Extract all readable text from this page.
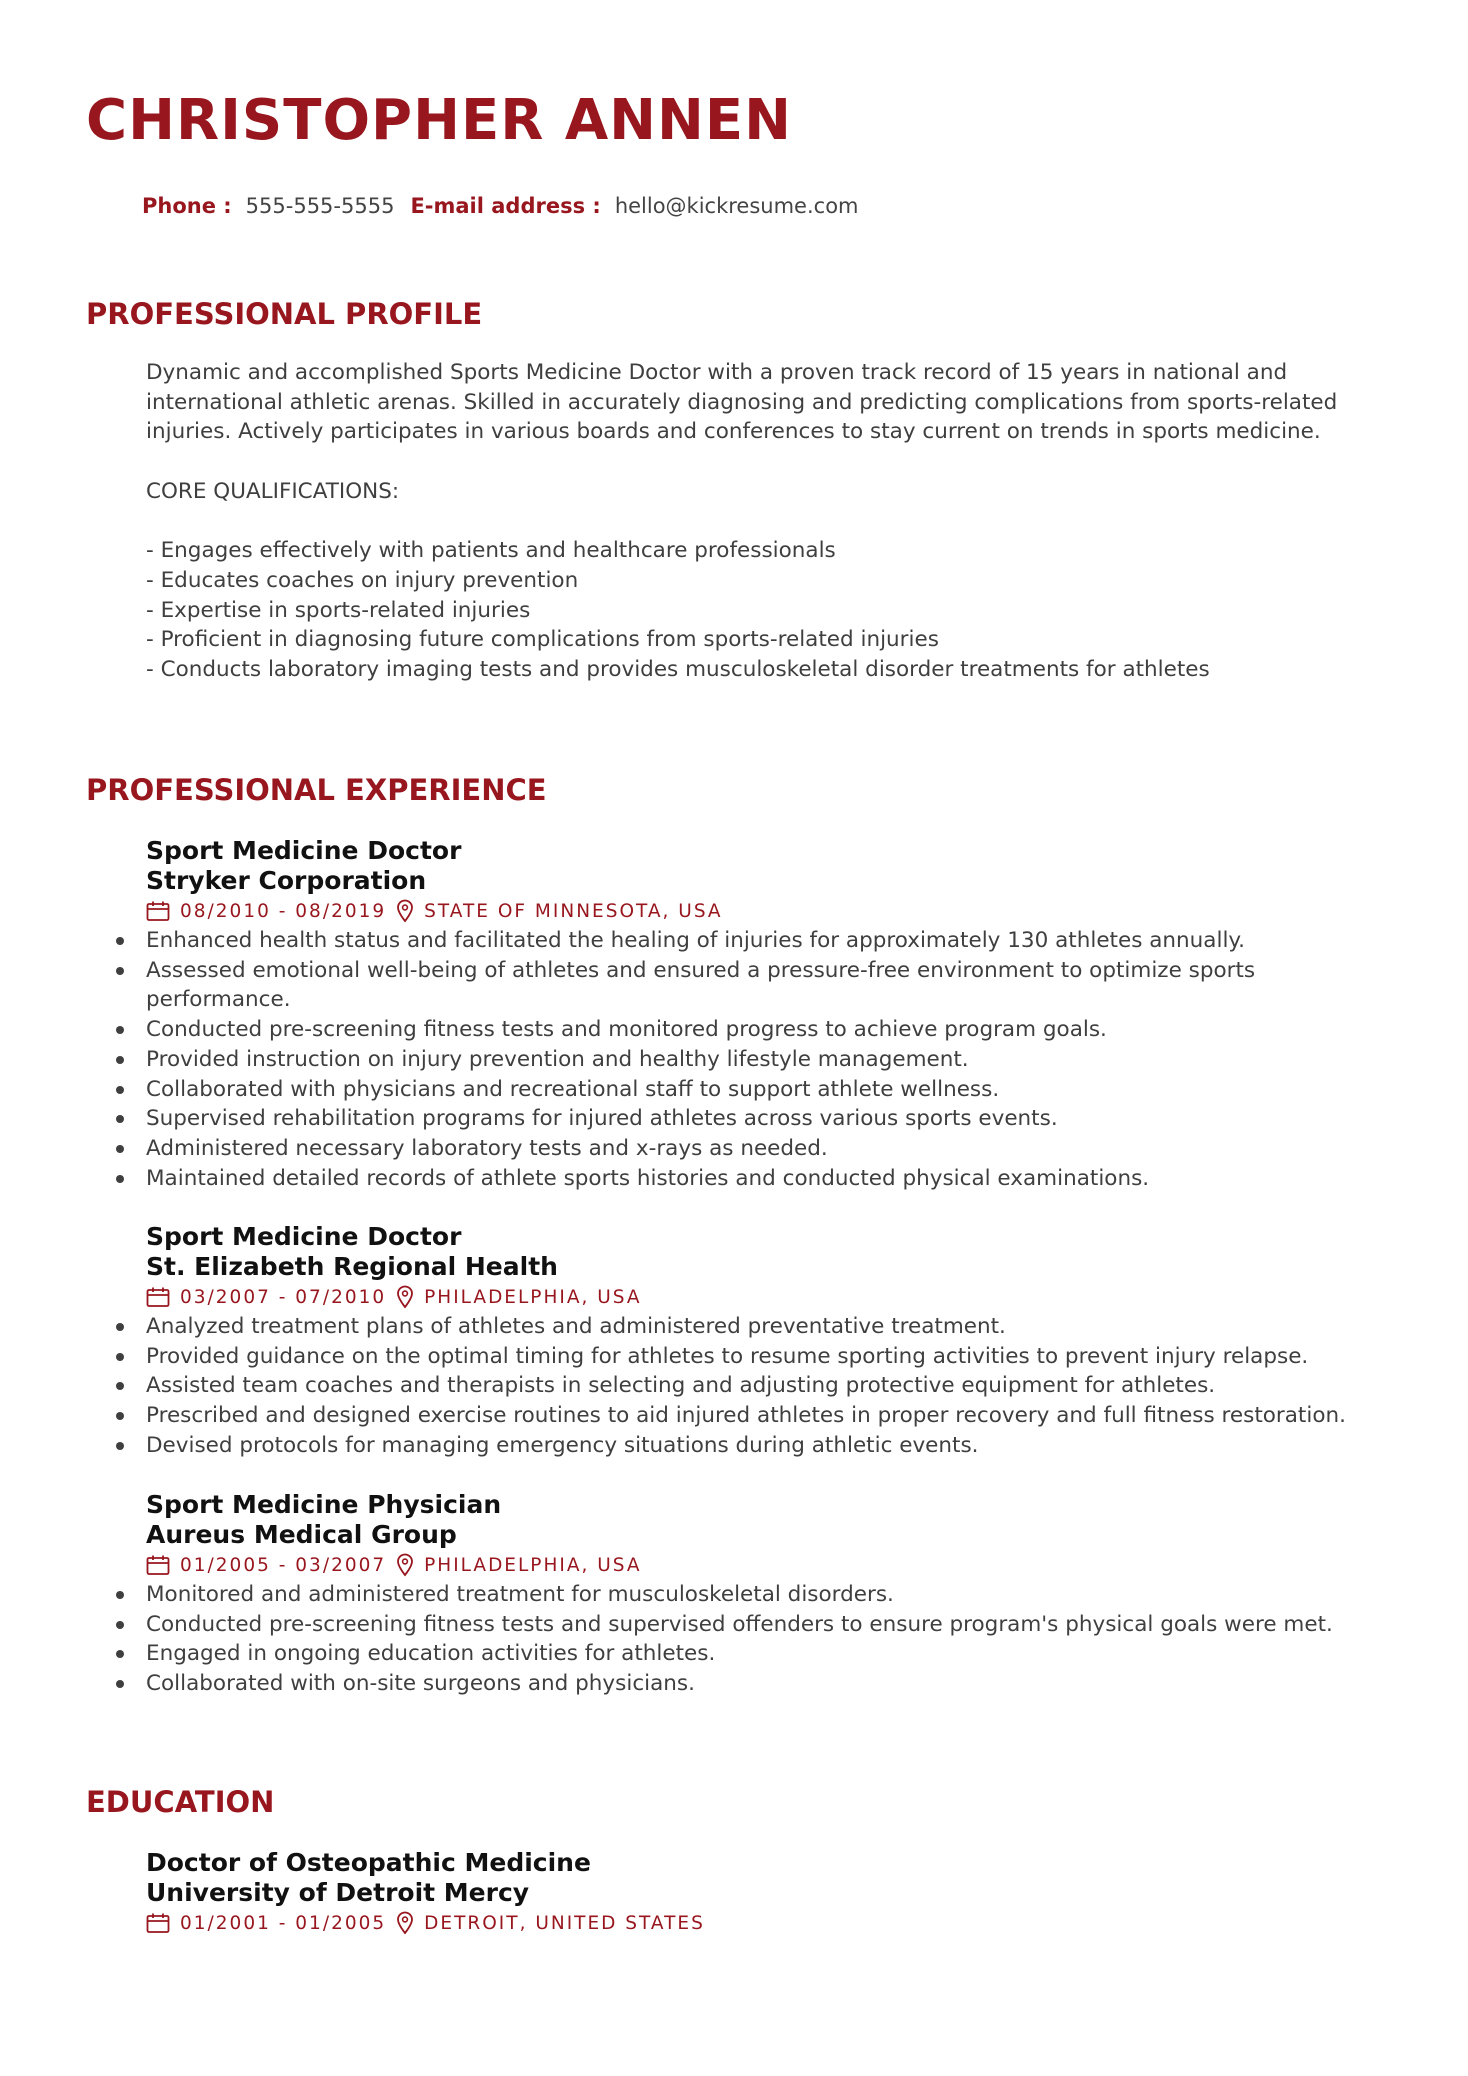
CHRISTOPHER ANNEN
Phone : 555-555-5555 E-mail address : hello@kickresume.com
PROFESSIONAL PROFILE

Dynamic and accomplished Sports Medicine Doctor with a proven track record of 15 years in national and international athletic arenas. Skilled in accurately diagnosing and predicting complications from sports-related injuries. Actively participates in various boards and conferences to stay current on trends in sports medicine.

CORE QUALIFICATIONS:

- Engages effectively with patients and healthcare professionals

- Educates coaches on injury prevention

- Expertise in sports-related injuries

- Proficient in diagnosing future complications from sports-related injuries

- Conducts laboratory imaging tests and provides musculoskeletal disorder treatments for athletes

PROFESSIONAL EXPERIENCE
Sport Medicine Doctor
Stryker Corporation
08/2010 - 08/2019 STATE OF MINNESOTA, USA
Enhanced health status and facilitated the healing of injuries for approximately 130 athletes annually.
Assessed emotional well-being of athletes and ensured a pressure-free environment to optimize sports performance.
Conducted pre-screening fitness tests and monitored progress to achieve program goals.
Provided instruction on injury prevention and healthy lifestyle management.
Collaborated with physicians and recreational staff to support athlete wellness.
Supervised rehabilitation programs for injured athletes across various sports events.
Administered necessary laboratory tests and x-rays as needed.
Maintained detailed records of athlete sports histories and conducted physical examinations.
Sport Medicine Doctor
St. Elizabeth Regional Health
03/2007 - 07/2010 PHILADELPHIA, USA
Analyzed treatment plans of athletes and administered preventative treatment.
Provided guidance on the optimal timing for athletes to resume sporting activities to prevent injury relapse.
Assisted team coaches and therapists in selecting and adjusting protective equipment for athletes.
Prescribed and designed exercise routines to aid injured athletes in proper recovery and full fitness restoration.
Devised protocols for managing emergency situations during athletic events.
Sport Medicine Physician
Aureus Medical Group
01/2005 - 03/2007 PHILADELPHIA, USA
Monitored and administered treatment for musculoskeletal disorders.
Conducted pre-screening fitness tests and supervised offenders to ensure program's physical goals were met.
Engaged in ongoing education activities for athletes.
Collaborated with on-site surgeons and physicians.
EDUCATION
Doctor of Osteopathic Medicine
University of Detroit Mercy
01/2001 - 01/2005 DETROIT, UNITED STATES
